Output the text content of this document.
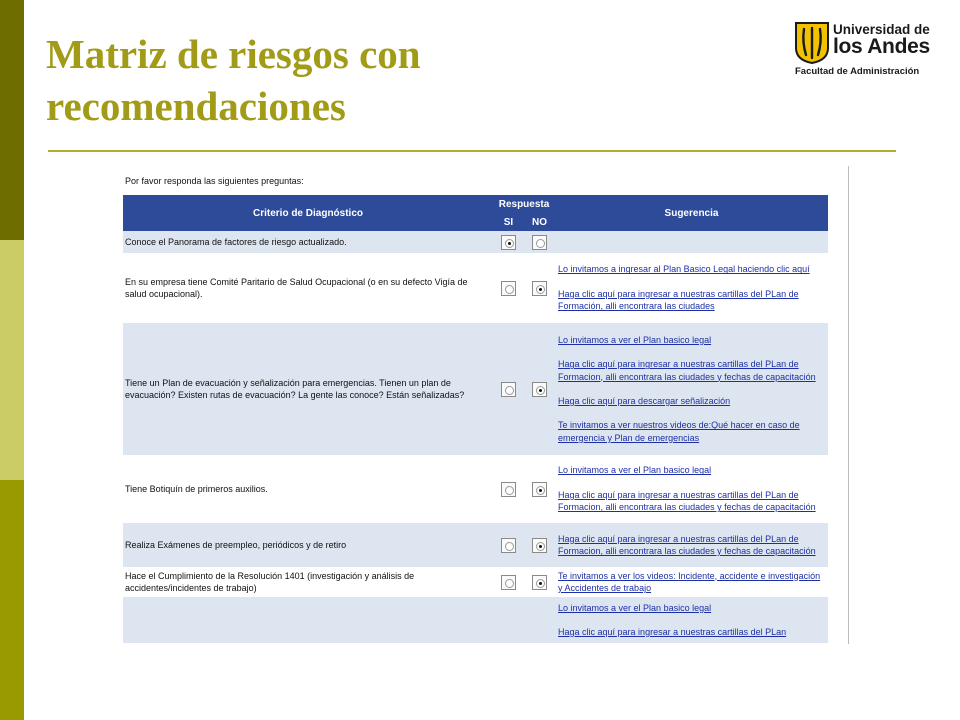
Matriz de riesgos con recomendaciones
Universidad de
los Andes
Facultad de Administración
Por favor responda las siguientes preguntas:
Criterio de Diagnóstico	Respuesta		Sugerencia
	SI	NO	
Conoce el Panorama de factores de riesgo actualizado.			
En su empresa tiene Comité Paritario de Salud Ocupacional (o en su defecto Vigía de salud ocupacional).			Lo invitamos a ingresar al Plan Basico Legal haciendo clic aquí
Haga clic aquí para ingresar a nuestras cartillas del PLan de Formación, alli encontrara las ciudades

Tiene un Plan de evacuación y señalización para emergencias. Tienen un plan de evacuación? Existen rutas de evacuación? La gente las conoce? Están señalizadas?			Lo invitamos a ver el Plan basico legal
Haga clic aquí para ingresar a nuestras cartillas del PLan de Formacion, alli encontrara las ciudades y fechas de capacitación
Haga clic aquí para descargar señalización
Te invitamos a ver nuestros videos de:Qué hacer en caso de emergencia y Plan de emergencias

Tiene Botiquín de primeros auxilios.			Lo invitamos a ver el Plan basico legal
Haga clic aquí para ingresar a nuestras cartillas del PLan de Formacion, alli encontrara las ciudades y fechas de capacitación

Realiza Exámenes de preempleo, periódicos y de retiro			Haga clic aquí para ingresar a nuestras cartillas del PLan de Formacion, alli encontrara las ciudades y fechas de capacitación

Hace el Cumplimiento de la Resolución 1401 (investigación y análisis de accidentes/incidentes de trabajo)			Te invitamos a ver los videos: Incidente, accidente e investigación y Accidentes de trabajo

			Lo invitamos a ver el Plan basico legal
Haga clic aquí para ingresar a nuestras cartillas del PLan
